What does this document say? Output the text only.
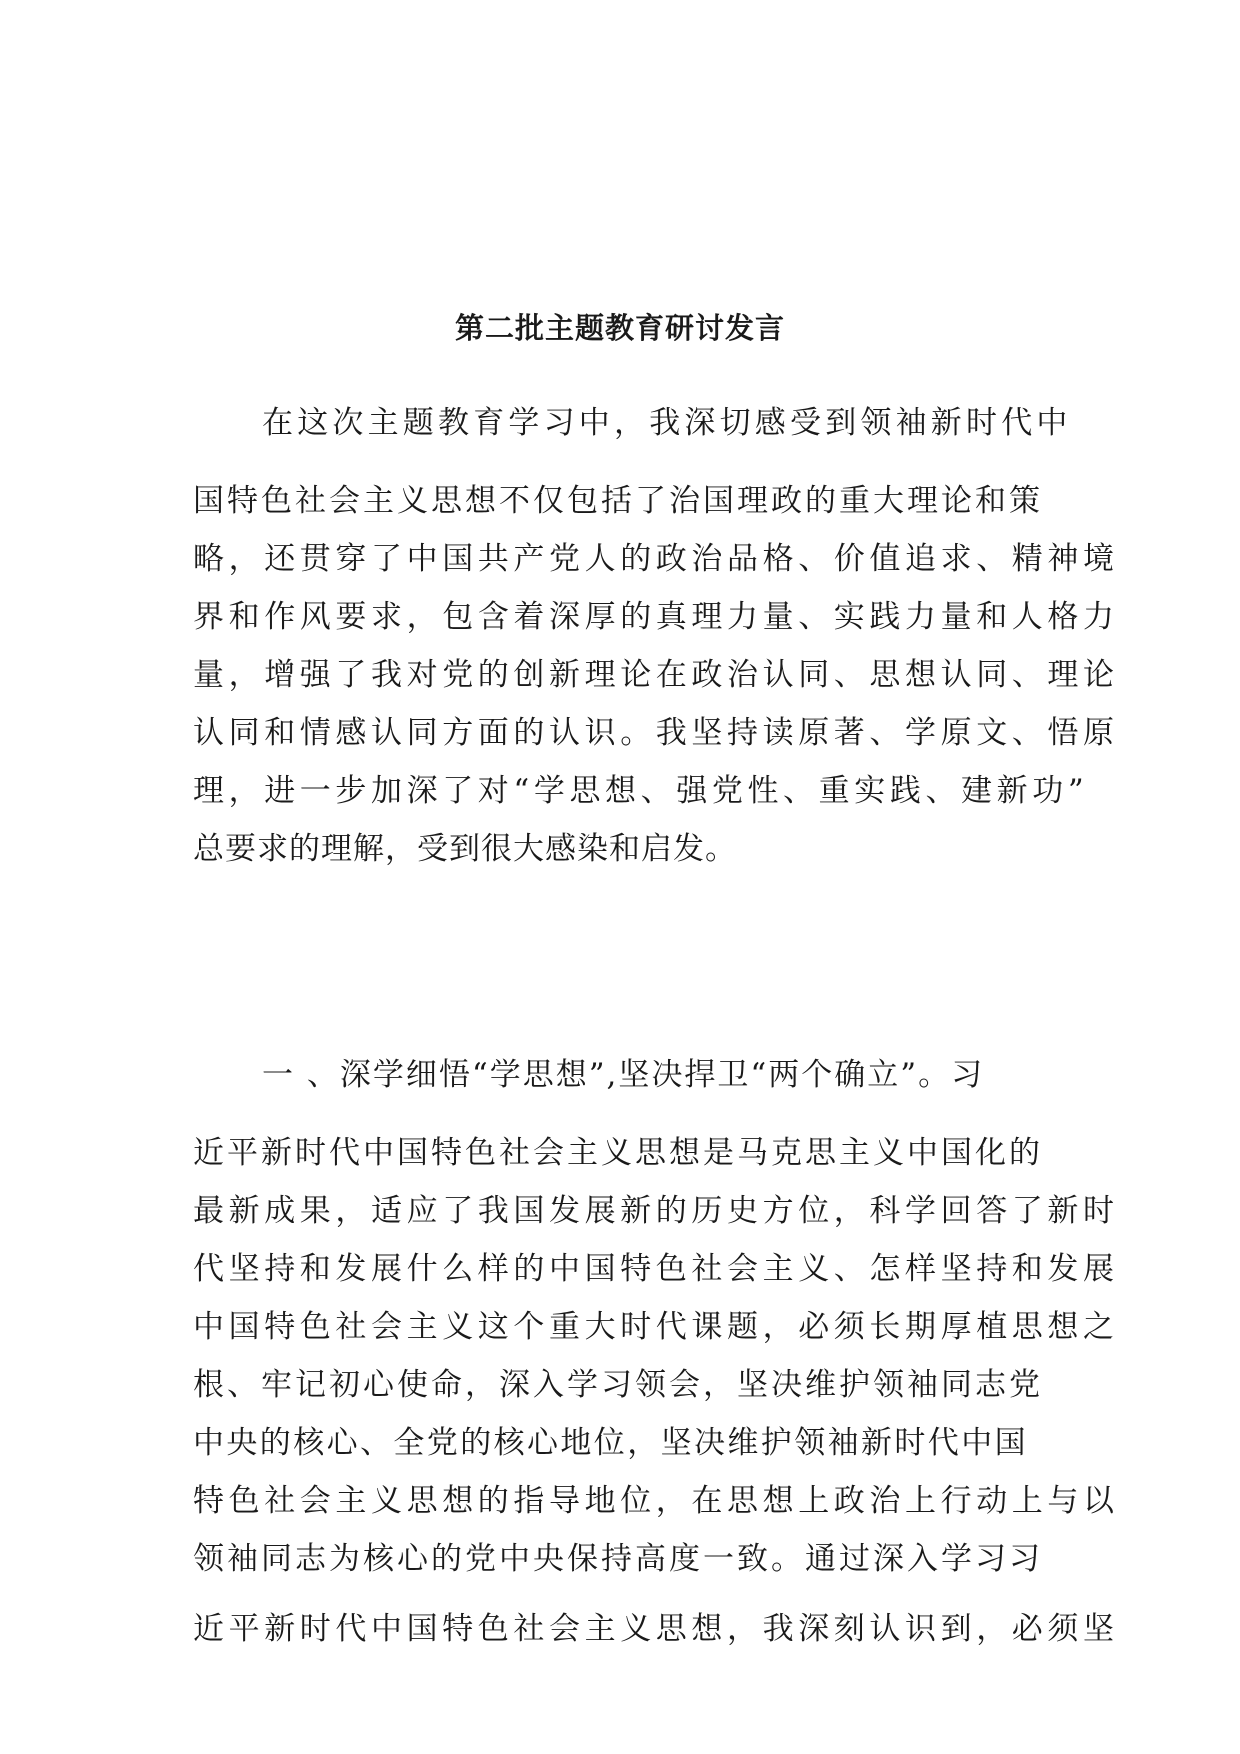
第二批主题教育研讨发言
在这次主题教育学习中，我深切感受到领袖新时代中
国特色社会主义思想不仅包括了治国理政的重大理论和策
略，还贯穿了中国共产党人的政治品格、价值追求、精神境
界和作风要求，包含着深厚的真理力量、实践力量和人格力
量，增强了我对党的创新理论在政治认同、思想认同、理论
认同和情感认同方面的认识。我坚持读原著、学原文、悟原
理，进一步加深了对“学思想、强党性、重实践、建新功”
总要求的理解，受到很大感染和启发。
一 、深学细悟“学思想”,坚决捍卫“两个确立”。习
近平新时代中国特色社会主义思想是马克思主义中国化的
最新成果，适应了我国发展新的历史方位，科学回答了新时
代坚持和发展什么样的中国特色社会主义、怎样坚持和发展
中国特色社会主义这个重大时代课题，必须长期厚植思想之
根、牢记初心使命，深入学习领会，坚决维护领袖同志党
中央的核心、全党的核心地位，坚决维护领袖新时代中国
特色社会主义思想的指导地位，在思想上政治上行动上与以
领袖同志为核心的党中央保持高度一致。通过深入学习习
近平新时代中国特色社会主义思想，我深刻认识到，必须坚
